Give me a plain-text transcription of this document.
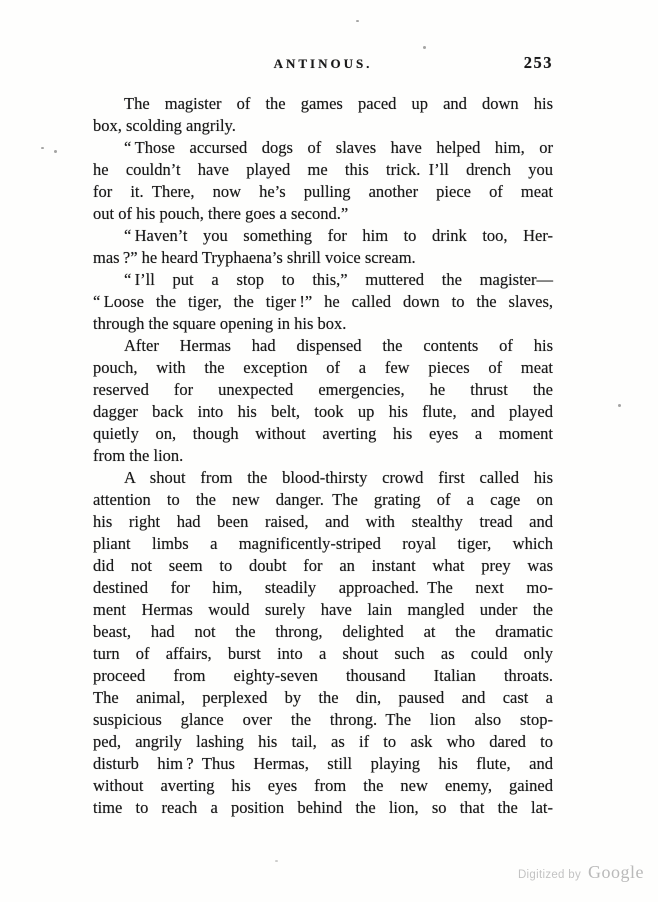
ANTINOUS.	253
The magister of the games paced up and down his
box, scolding angrily.
“ Those accursed dogs of slaves have helped him, or
he couldn’t have played me this trick. I’ll drench you
for it. There, now he’s pulling another piece of meat
out of his pouch, there goes a second.”
“ Haven’t you something for him to drink too, Her-
mas ?” he heard Tryphaena’s shrill voice scream.
“ I’ll put a stop to this,” muttered the magister—
“ Loose the tiger, the tiger !” he called down to the slaves,
through the square opening in his box.
After Hermas had dispensed the contents of his
pouch, with the exception of a few pieces of meat
reserved for unexpected emergencies, he thrust the
dagger back into his belt, took up his flute, and played
quietly on, though without averting his eyes a moment
from the lion.
A shout from the blood-thirsty crowd first called his
attention to the new danger. The grating of a cage on
his right had been raised, and with stealthy tread and
pliant limbs a magnificently-striped royal tiger, which
did not seem to doubt for an instant what prey was
destined for him, steadily approached. The next mo-
ment Hermas would surely have lain mangled under the
beast, had not the throng, delighted at the dramatic
turn of affairs, burst into a shout such as could only
proceed from eighty-seven thousand Italian throats.
The animal, perplexed by the din, paused and cast a
suspicious glance over the throng. The lion also stop-
ped, angrily lashing his tail, as if to ask who dared to
disturb him ? Thus Hermas, still playing his flute, and
without averting his eyes from the new enemy, gained
time to reach a position behind the lion, so that the lat-
Digitized by Google
